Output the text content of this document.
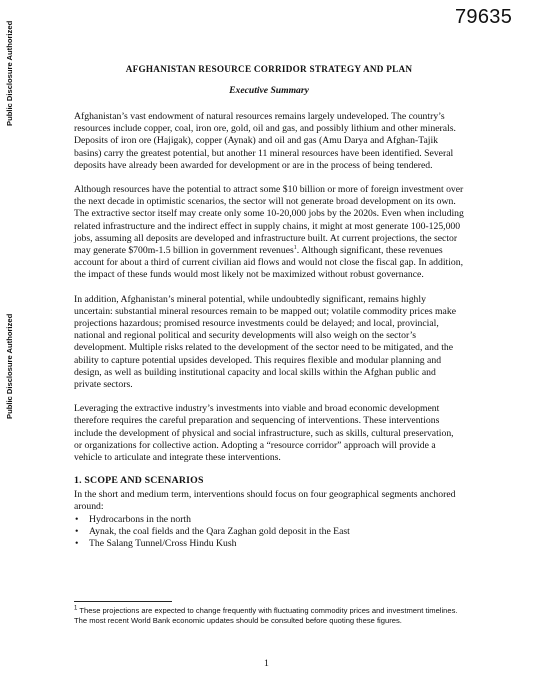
79635
Public Disclosure Authorized
Public Disclosure Authorized
AFGHANISTAN RESOURCE CORRIDOR STRATEGY AND PLAN
Executive Summary

Afghanistan’s vast endowment of natural resources remains largely undeveloped. The country’s resources include copper, coal, iron ore, gold, oil and gas, and possibly lithium and other minerals. Deposits of iron ore (Hajigak), copper (Aynak) and oil and gas (Amu Darya and Afghan-Tajik basins) carry the greatest potential, but another 11 mineral resources have been identified. Several deposits have already been awarded for development or are in the process of being tendered.

Although resources have the potential to attract some $10 billion or more of foreign investment over the next decade in optimistic scenarios, the sector will not generate broad development on its own. The extractive sector itself may create only some 10-20,000 jobs by the 2020s. Even when including related infrastructure and the indirect effect in supply chains, it might at most generate 100-125,000 jobs, assuming all deposits are developed and infrastructure built. At current projections, the sector may generate $700m-1.5 billion in government revenues$^1$. Although significant, these revenues account for about a third of current civilian aid flows and would not close the fiscal gap. In addition, the impact of these funds would most likely not be maximized without robust governance.

In addition, Afghanistan’s mineral potential, while undoubtedly significant, remains highly uncertain: substantial mineral resources remain to be mapped out; volatile commodity prices make projections hazardous; promised resource investments could be delayed; and local, provincial, national and regional political and security developments will also weigh on the sector’s development. Multiple risks related to the development of the sector need to be mitigated, and the ability to capture potential upsides developed. This requires flexible and modular planning and design, as well as building institutional capacity and local skills within the Afghan public and private sectors.

Leveraging the extractive industry’s investments into viable and broad economic development therefore requires the careful preparation and sequencing of interventions. These interventions include the development of physical and social infrastructure, such as skills, cultural preservation, or organizations for collective action. Adopting a “resource corridor” approach will provide a vehicle to articulate and integrate these interventions.

1. SCOPE AND SCENARIOS

In the short and medium term, interventions should focus on four geographical segments anchored around:

• Hydrocarbons in the north
• Aynak, the coal fields and the Qara Zaghan gold deposit in the East
• The Salang Tunnel/Cross Hindu Kush
$^1$ These projections are expected to change frequently with fluctuating commodity prices and investment timelines. The most recent World Bank economic updates should be consulted before quoting these figures.
1
